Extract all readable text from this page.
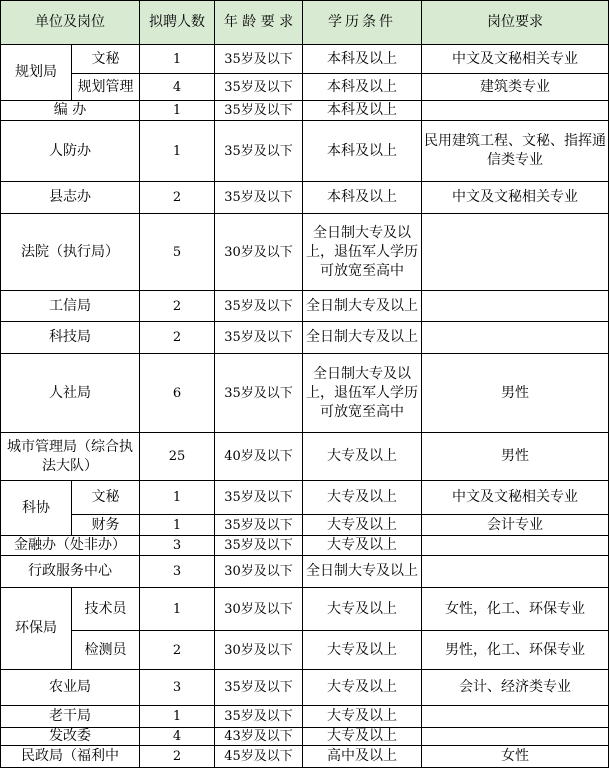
单位及岗位		拟聘人数	年 龄 要 求	学历条件	岗位要求
规划局	文秘	1	35岁及以下	本科及以上	中文及文秘相关专业
	规划管理	4	35岁及以下	本科及以上	建筑类专业
编 办		1	35岁及以下	本科及以上	
人防办		1	35岁及以下	本科及以上	民用建筑工程、文秘、指挥通信类专业
县志办		2	35岁及以下	本科及以上	中文及文秘相关专业
法院（执行局）		5	30岁及以下	全日制大专及以上，退伍军人学历可放宽至高中	
工信局		2	35岁及以下	全日制大专及以上	
科技局		2	35岁及以下	全日制大专及以上	
人社局		6	35岁及以下	全日制大专及以上，退伍军人学历可放宽至高中	男性
城市管理局（综合执法大队）		25	40岁及以下	大专及以上	男性
科协	文秘	1	35岁及以下	大专及以上	中文及文秘相关专业
	财务	1	35岁及以下	大专及以上	会计专业
金融办（处非办）		3	35岁及以下	大专及以上	
行政服务中心		3	30岁及以下	全日制大专及以上	
环保局	技术员	1	30岁及以下	大专及以上	女性，化工、环保专业
	检测员	2	30岁及以下	大专及以上	男性，化工、环保专业
农业局		3	35岁及以下	大专及以上	会计、经济类专业
老干局		1	35岁及以下	大专及以上	
发改委		4	43岁及以下	大专及以上	
民政局（福利中		2	45岁及以下	高中及以上	女性
